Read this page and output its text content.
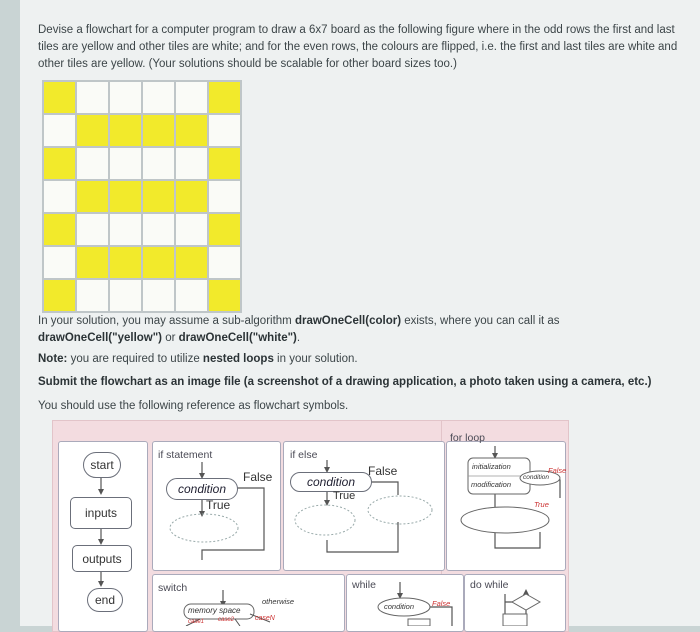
Devise a flowchart for a computer program to draw a 6x7 board as the following figure where in the odd rows the first and last tiles are yellow and other tiles are white; and for the even rows, the colours are flipped, i.e. the first and last tiles are white and other tiles are yellow. (Your solutions should be scalable for other board sizes too.)
In your solution, you may assume a sub-algorithm drawOneCell(color) exists, where you can call it as drawOneCell("yellow") or drawOneCell("white").
Note: you are required to utilize nested loops in your solution.
Submit the flowchart as an image file (a screenshot of a drawing application, a photo taken using a camera, etc.)
You should use the following reference as flowchart symbols.
start
inputs
outputs
end
if statement
condition
False
True
if else
condition
False
True
for loop
initialization
modification
condition
False
True
switch
memory space
otherwise
case1 case2	caseN
while
condition False
do while
